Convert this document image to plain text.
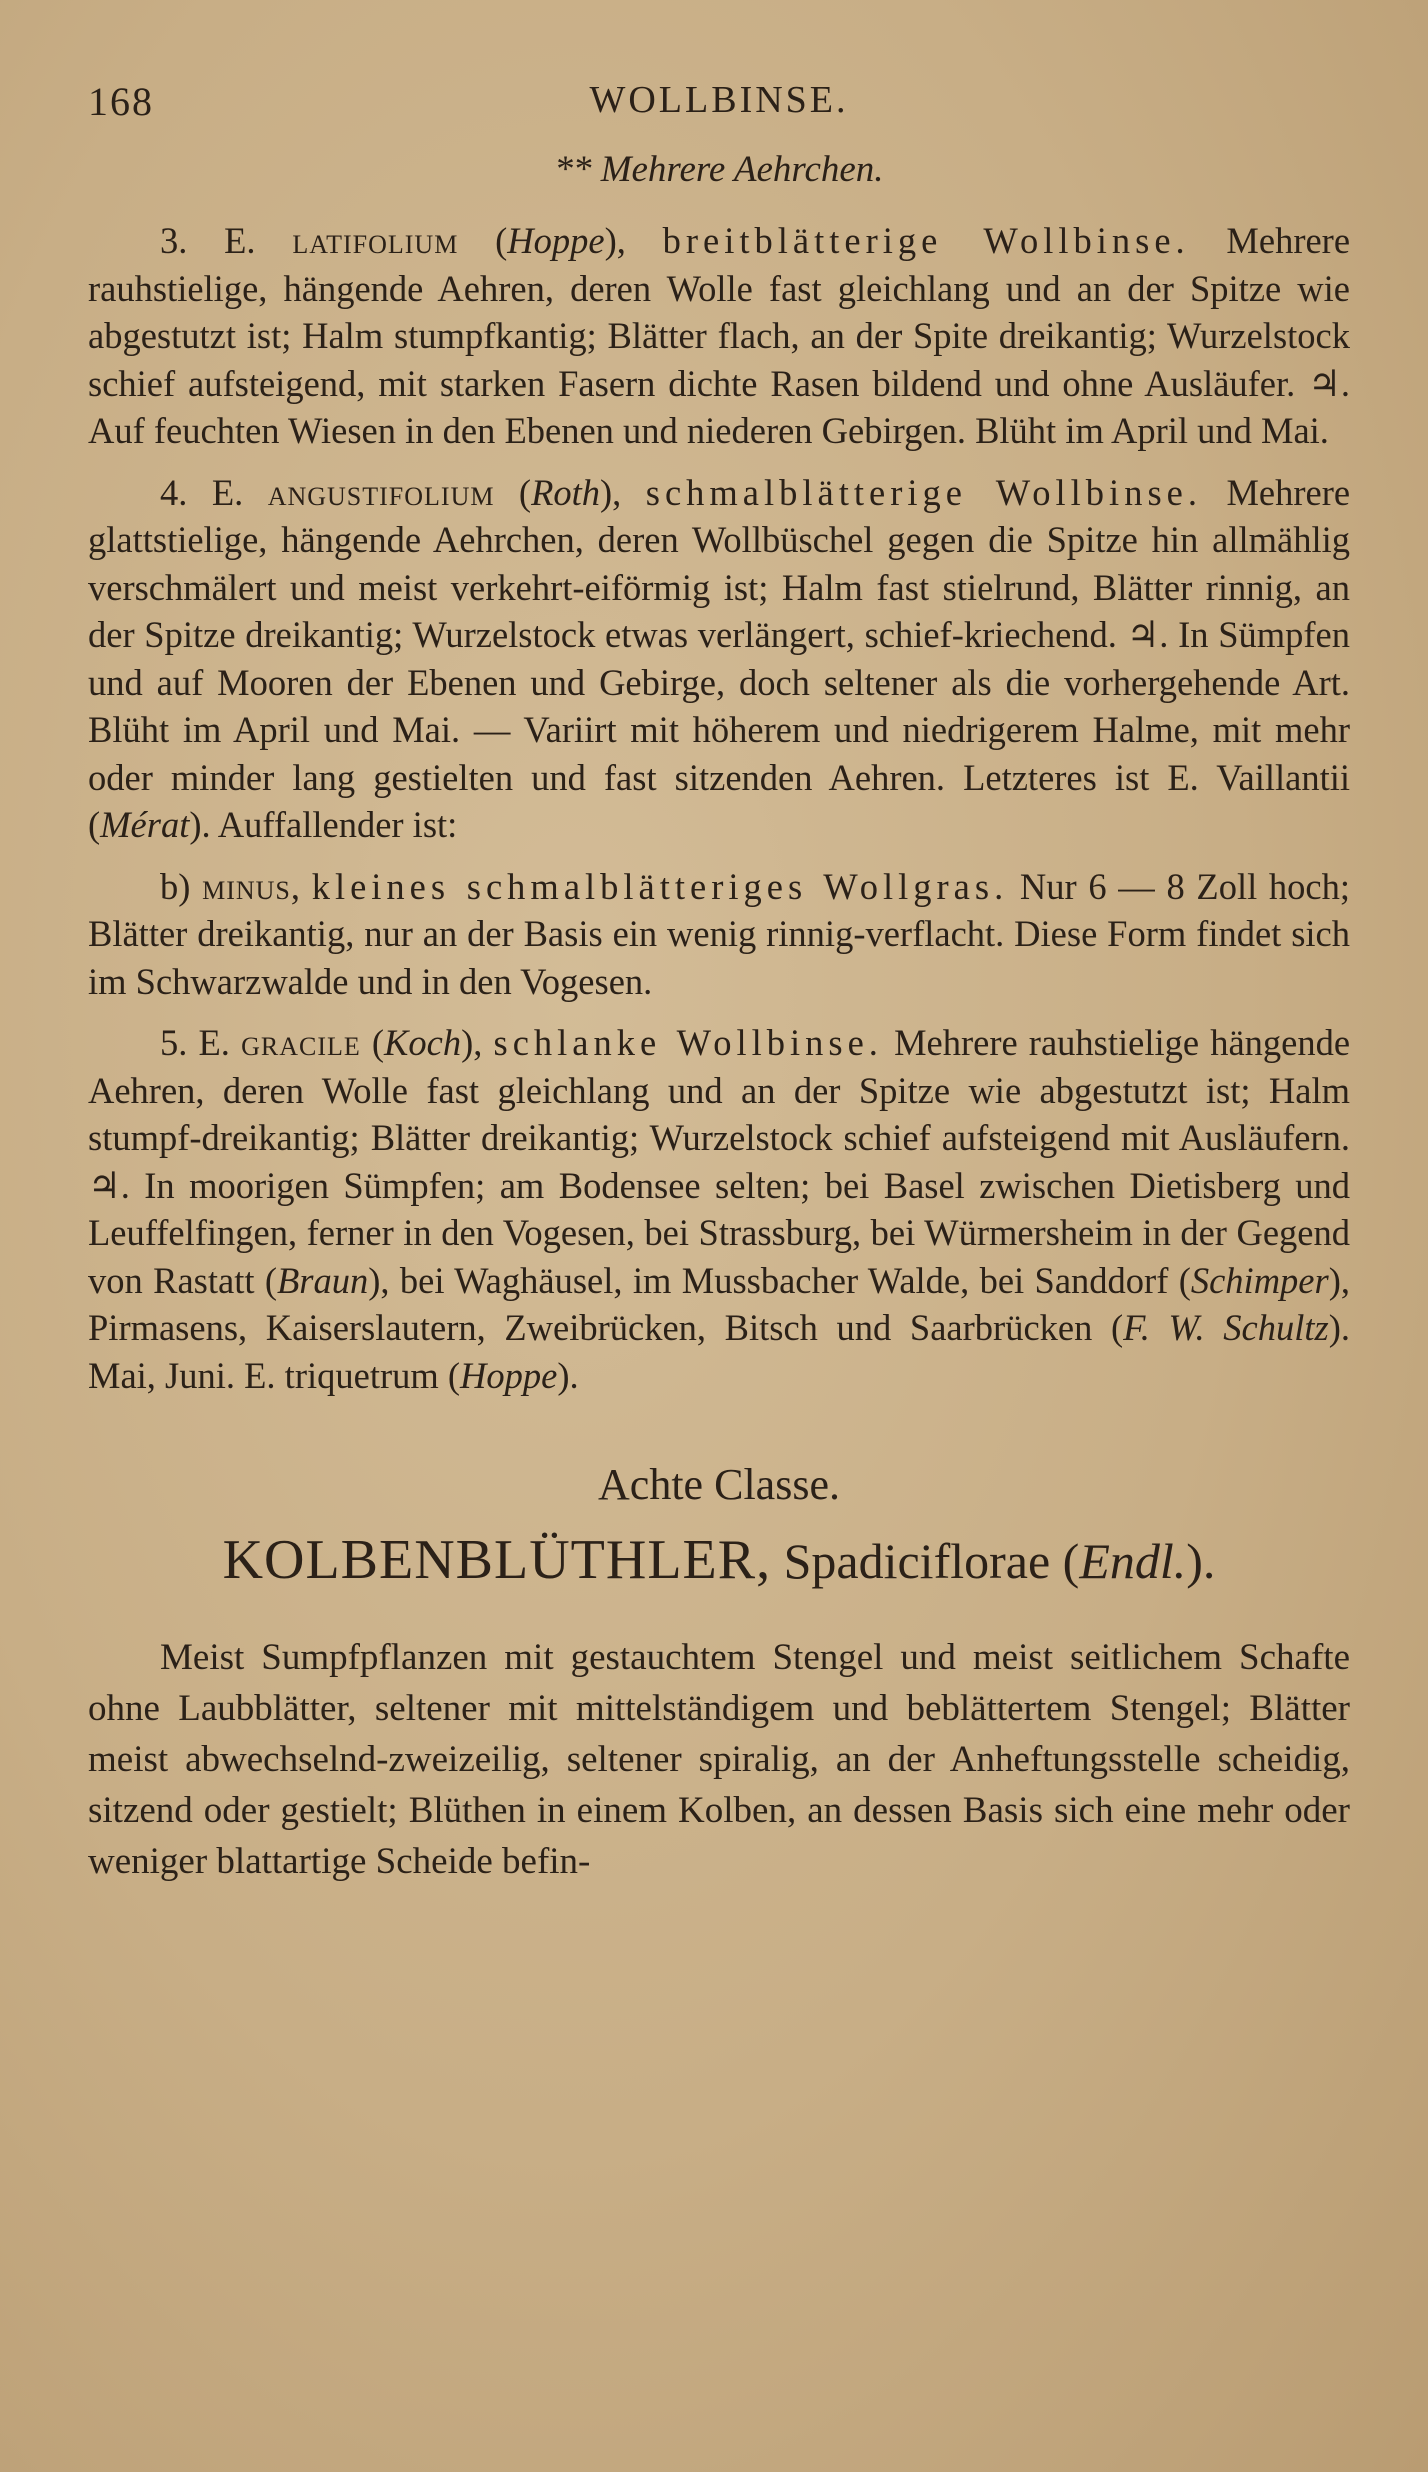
168	WOLLBINSE.
** Mehrere Aehrchen.

3. E. latifolium (Hoppe), breitblätterige Wollbinse. Mehrere rauhstielige, hängende Aehren, deren Wolle fast gleichlang und an der Spitze wie abgestutzt ist; Halm stumpfkantig; Blätter flach, an der Spite dreikantig; Wurzelstock schief aufsteigend, mit starken Fasern dichte Rasen bildend und ohne Ausläufer. ♃. Auf feuchten Wiesen in den Ebenen und niederen Gebirgen. Blüht im April und Mai.

4. E. angustifolium (Roth), schmalblätterige Wollbinse. Mehrere glattstielige, hängende Aehrchen, deren Wollbüschel gegen die Spitze hin allmählig verschmälert und meist verkehrt-eiförmig ist; Halm fast stielrund, Blätter rinnig, an der Spitze dreikantig; Wurzelstock etwas verlängert, schief-kriechend. ♃. In Sümpfen und auf Mooren der Ebenen und Gebirge, doch seltener als die vorhergehende Art. Blüht im April und Mai. — Variirt mit höherem und niedrigerem Halme, mit mehr oder minder lang gestielten und fast sitzenden Aehren. Letzteres ist E. Vaillantii (Mérat). Auffallender ist:

b) minus, kleines schmalblätteriges Wollgras. Nur 6 — 8 Zoll hoch; Blätter dreikantig, nur an der Basis ein wenig rinnig-verflacht. Diese Form findet sich im Schwarzwalde und in den Vogesen.

5. E. gracile (Koch), schlanke Wollbinse. Mehrere rauhstielige hängende Aehren, deren Wolle fast gleichlang und an der Spitze wie abgestutzt ist; Halm stumpf-dreikantig; Blätter dreikantig; Wurzelstock schief aufsteigend mit Ausläufern. ♃. In moorigen Sümpfen; am Bodensee selten; bei Basel zwischen Dietisberg und Leuffelfingen, ferner in den Vogesen, bei Strassburg, bei Würmersheim in der Gegend von Rastatt (Braun), bei Waghäusel, im Mussbacher Walde, bei Sanddorf (Schimper), Pirmasens, Kaiserslautern, Zweibrücken, Bitsch und Saarbrücken (F. W. Schultz). Mai, Juni. E. triquetrum (Hoppe).

Achte Classe.
KOLBENBLÜTHLER, Spadiciflorae (Endl.).

Meist Sumpfpflanzen mit gestauchtem Stengel und meist seitlichem Schafte ohne Laubblätter, seltener mit mittelständigem und beblättertem Stengel; Blätter meist abwechselnd-zweizeilig, seltener spiralig, an der Anheftungsstelle scheidig, sitzend oder gestielt; Blüthen in einem Kolben, an dessen Basis sich eine mehr oder weniger blattartige Scheide befin-
